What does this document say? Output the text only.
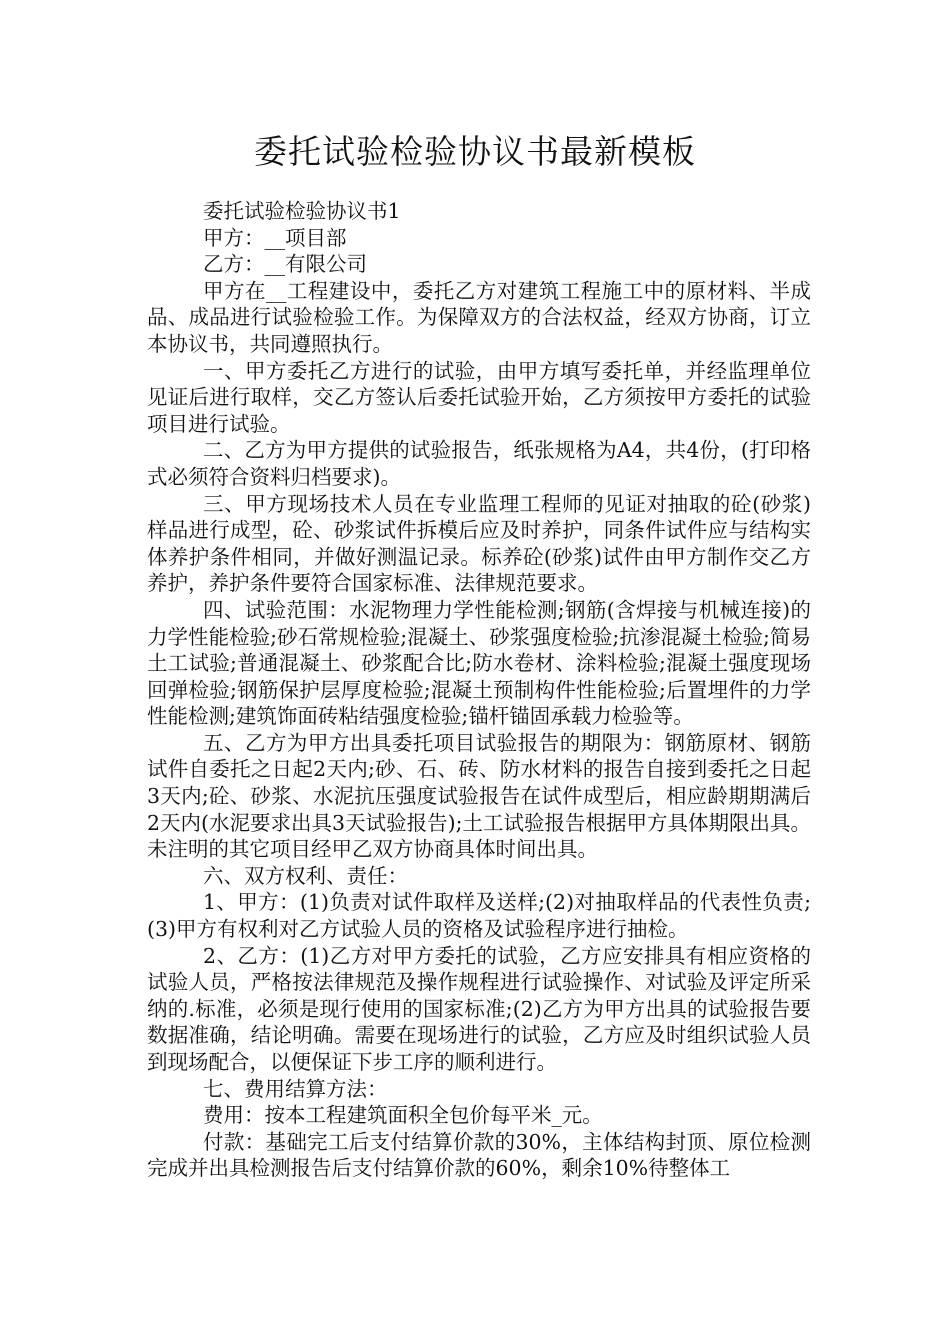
委托试验检验协议书最新模板

委托试验检验协议书1

甲方：__项目部

乙方：__有限公司

甲方在__工程建设中，委托乙方对建筑工程施工中的原材料、半成品、成品进行试验检验工作。为保障双方的合法权益，经双方协商，订立本协议书，共同遵照执行。

一、甲方委托乙方进行的试验，由甲方填写委托单，并经监理单位见证后进行取样，交乙方签认后委托试验开始，乙方须按甲方委托的试验项目进行试验。

二、乙方为甲方提供的试验报告，纸张规格为A4，共4份，(打印格式必须符合资料归档要求)。

三、甲方现场技术人员在专业监理工程师的见证对抽取的砼(砂浆)样品进行成型，砼、砂浆试件拆模后应及时养护，同条件试件应与结构实体养护条件相同，并做好测温记录。标养砼(砂浆)试件由甲方制作交乙方养护，养护条件要符合国家标准、法律规范要求。

四、试验范围：水泥物理力学性能检测;钢筋(含焊接与机械连接)的力学性能检验;砂石常规检验;混凝土、砂浆强度检验;抗渗混凝土检验;简易土工试验;普通混凝土、砂浆配合比;防水卷材、涂料检验;混凝土强度现场回弹检验;钢筋保护层厚度检验;混凝土预制构件性能检验;后置埋件的力学性能检测;建筑饰面砖粘结强度检验;锚杆锚固承载力检验等。

五、乙方为甲方出具委托项目试验报告的期限为：钢筋原材、钢筋试件自委托之日起2天内;砂、石、砖、防水材料的报告自接到委托之日起3天内;砼、砂浆、水泥抗压强度试验报告在试件成型后，相应龄期期满后2天内(水泥要求出具3天试验报告);土工试验报告根据甲方具体期限出具。未注明的其它项目经甲乙双方协商具体时间出具。

六、双方权利、责任：

1、甲方：(1)负责对试件取样及送样;(2)对抽取样品的代表性负责;(3)甲方有权利对乙方试验人员的资格及试验程序进行抽检。

2、乙方：(1)乙方对甲方委托的试验，乙方应安排具有相应资格的试验人员，严格按法律规范及操作规程进行试验操作、对试验及评定所采纳的.标准，必须是现行使用的国家标准;(2)乙方为甲方出具的试验报告要数据准确，结论明确。需要在现场进行的试验，乙方应及时组织试验人员到现场配合，以便保证下步工序的顺利进行。

七、费用结算方法：

费用：按本工程建筑面积全包价每平米_元。

付款：基础完工后支付结算价款的30%，主体结构封顶、原位检测完成并出具检测报告后支付结算价款的60%，剩余10%待整体工
